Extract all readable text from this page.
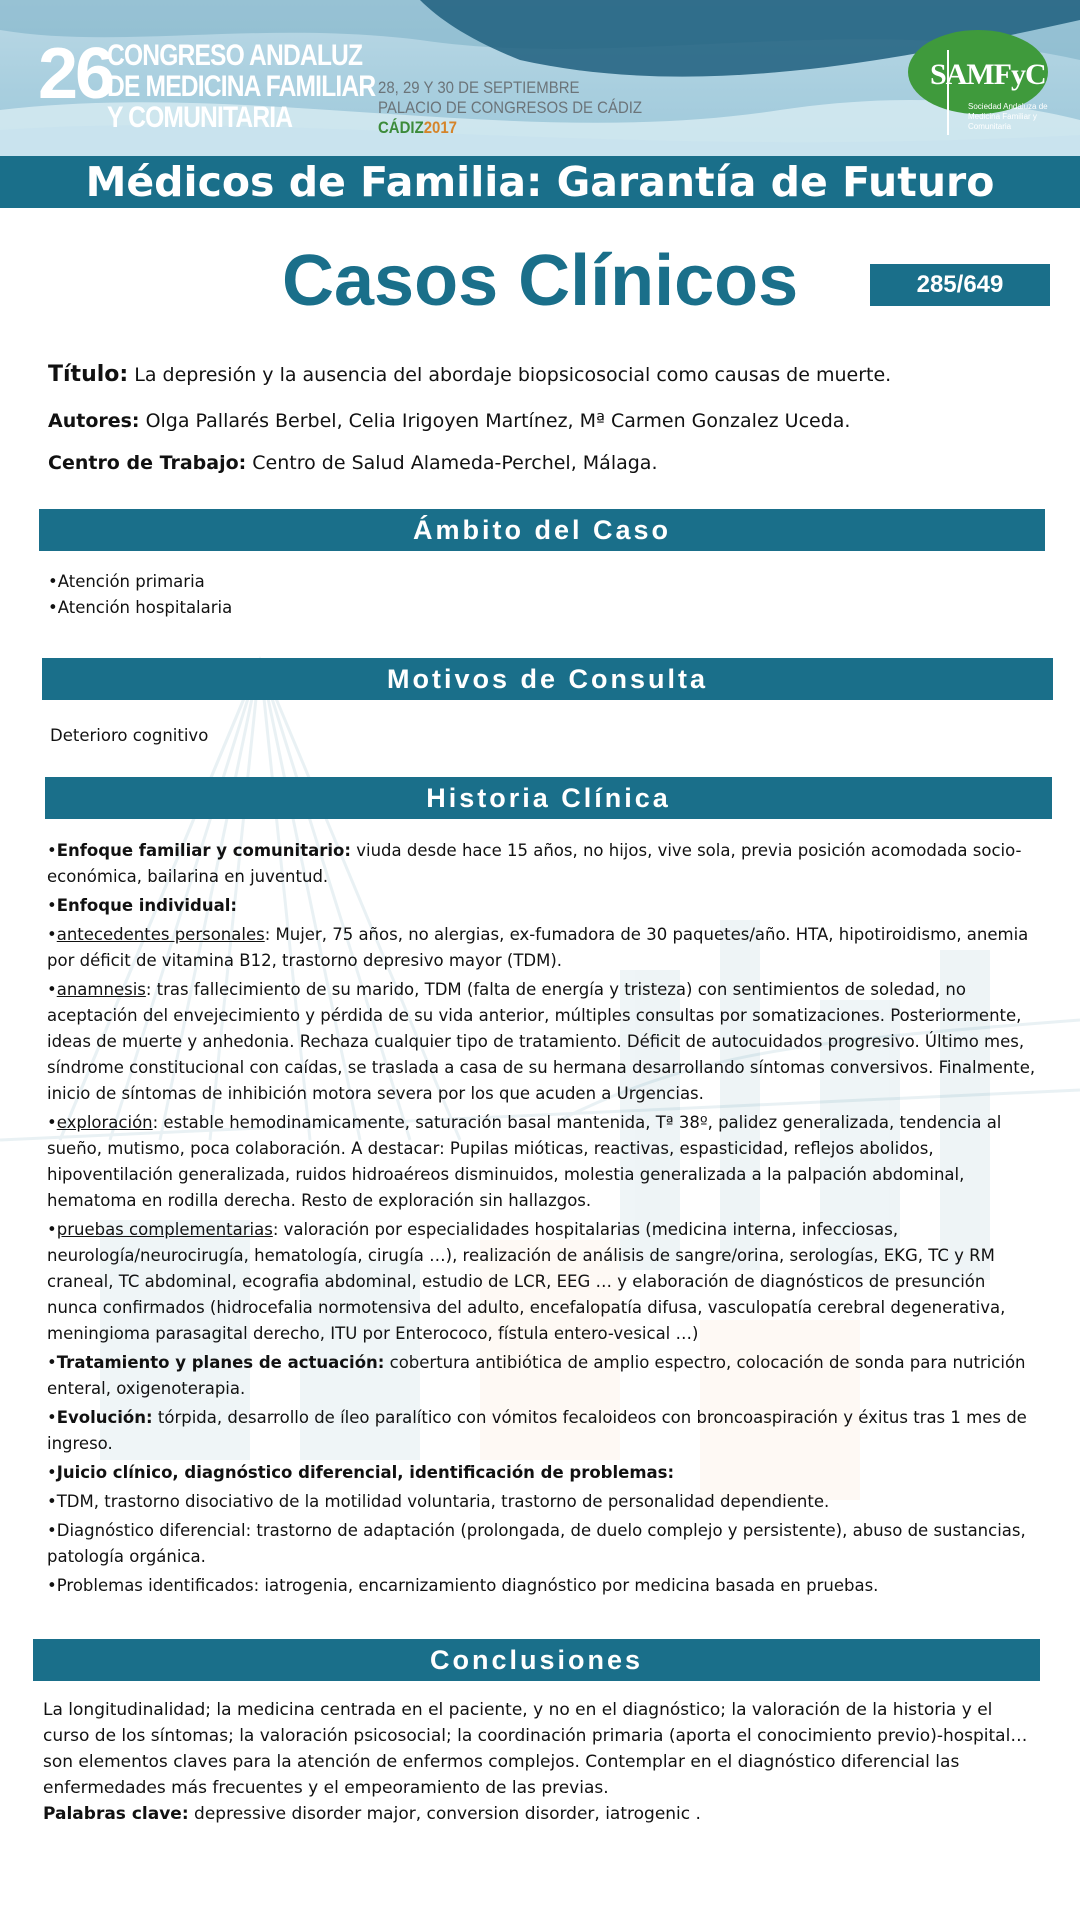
26
CONGRESO ANDALUZ
DE MEDICINA FAMILIAR
Y COMUNITARIA
28, 29 Y 30 DE SEPTIEMBRE
PALACIO DE CONGRESOS DE CÁDIZ
CÁDIZ2017
SAMFyC
Sociedad Andaluza de Medicina Familiar y Comunitaria
Médicos de Familia: Garantía de Futuro
Casos Clínicos	285/649
Título: La depresión y la ausencia del abordaje biopsicosocial como causas de muerte.
Autores: Olga Pallarés Berbel, Celia Irigoyen Martínez, Mª Carmen Gonzalez Uceda.
Centro de Trabajo: Centro de Salud Alameda-Perchel, Málaga.
Ámbito del Caso
•Atención primaria
•Atención hospitalaria
Motivos de Consulta
Deterioro cognitivo
Historia Clínica

•Enfoque familiar y comunitario: viuda desde hace 15 años, no hijos, vive sola, previa posición acomodada socio-económica, bailarina en juventud.

•Enfoque individual:

•antecedentes personales: Mujer, 75 años, no alergias, ex-fumadora de 30 paquetes/año. HTA, hipotiroidismo, anemia por déficit de vitamina B12, trastorno depresivo mayor (TDM).

•anamnesis: tras fallecimiento de su marido, TDM (falta de energía y tristeza) con sentimientos de soledad, no aceptación del envejecimiento y pérdida de su vida anterior, múltiples consultas por somatizaciones. Posteriormente, ideas de muerte y anhedonia. Rechaza cualquier tipo de tratamiento. Déficit de autocuidados progresivo. Último mes, síndrome constitucional con caídas, se traslada a casa de su hermana desarrollando síntomas conversivos. Finalmente, inicio de síntomas de inhibición motora severa por los que acuden a Urgencias.

•exploración: estable hemodinamicamente, saturación basal mantenida, Tª 38º, palidez generalizada, tendencia al sueño, mutismo, poca colaboración. A destacar: Pupilas mióticas, reactivas, espasticidad, reflejos abolidos, hipoventilación generalizada, ruidos hidroaéreos disminuidos, molestia generalizada a la palpación abdominal, hematoma en rodilla derecha. Resto de exploración sin hallazgos.

•pruebas complementarias: valoración por especialidades hospitalarias (medicina interna, infecciosas, neurología/neurocirugía, hematología, cirugía …), realización de análisis de sangre/orina, serologías, EKG, TC y RM craneal, TC abdominal, ecografia abdominal, estudio de LCR, EEG … y elaboración de diagnósticos de presunción nunca confirmados (hidrocefalia normotensiva del adulto, encefalopatía difusa, vasculopatía cerebral degenerativa, meningioma parasagital derecho, ITU por Enterococo, fístula entero-vesical …)

•Tratamiento y planes de actuación: cobertura antibiótica de amplio espectro, colocación de sonda para nutrición enteral, oxigenoterapia.

•Evolución: tórpida, desarrollo de íleo paralítico con vómitos fecaloideos con broncoaspiración y éxitus tras 1 mes de ingreso.

•Juicio clínico, diagnóstico diferencial, identificación de problemas:

•TDM, trastorno disociativo de la motilidad voluntaria, trastorno de personalidad dependiente.

•Diagnóstico diferencial: trastorno de adaptación (prolongada, de duelo complejo y persistente), abuso de sustancias, patología orgánica.

•Problemas identificados: iatrogenia, encarnizamiento diagnóstico por medicina basada en pruebas.

Conclusiones
La longitudinalidad; la medicina centrada en el paciente, y no en el diagnóstico; la valoración de la historia y el curso de los síntomas; la valoración psicosocial; la coordinación primaria (aporta el conocimiento previo)-hospital…son elementos claves para la atención de enfermos complejos. Contemplar en el diagnóstico diferencial las enfermedades más frecuentes y el empeoramiento de las previas.
Palabras clave: depressive disorder major, conversion disorder, iatrogenic .
